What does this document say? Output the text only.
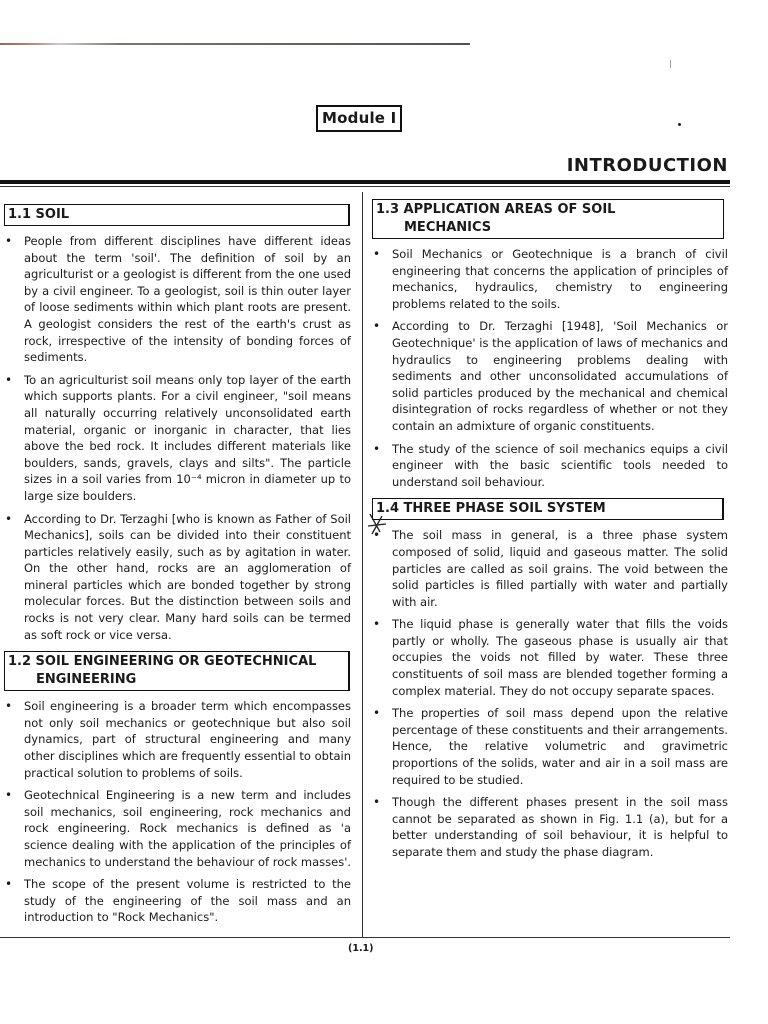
Module I
INTRODUCTION
1.1 SOIL
• People from different disciplines have different ideas about the term 'soil'. The definition of soil by an agriculturist or a geologist is different from the one used by a civil engineer. To a geologist, soil is thin outer layer of loose sediments within which plant roots are present. A geologist considers the rest of the earth's crust as rock, irrespective of the intensity of bonding forces of sediments.
• To an agriculturist soil means only top layer of the earth which supports plants. For a civil engineer, "soil means all naturally occurring relatively unconsolidated earth material, organic or inorganic in character, that lies above the bed rock. It includes different materials like boulders, sands, gravels, clays and silts". The particle sizes in a soil varies from 10⁻⁴ micron in diameter up to large size boulders.
• According to Dr. Terzaghi [who is known as Father of Soil Mechanics], soils can be divided into their constituent particles relatively easily, such as by agitation in water. On the other hand, rocks are an agglomeration of mineral particles which are bonded together by strong molecular forces. But the distinction between soils and rocks is not very clear. Many hard soils can be termed as soft rock or vice versa.
1.2 SOIL ENGINEERING OR GEOTECHNICAL
ENGINEERING
• Soil engineering is a broader term which encompasses not only soil mechanics or geotechnique but also soil dynamics, part of structural engineering and many other disciplines which are frequently essential to obtain practical solution to problems of soils.
• Geotechnical Engineering is a new term and includes soil mechanics, soil engineering, rock mechanics and rock engineering. Rock mechanics is defined as 'a science dealing with the application of the principles of mechanics to understand the behaviour of rock masses'.
• The scope of the present volume is restricted to the study of the engineering of the soil mass and an introduction to "Rock Mechanics".
1.3 APPLICATION AREAS OF SOIL
MECHANICS
• Soil Mechanics or Geotechnique is a branch of civil engineering that concerns the application of principles of mechanics, hydraulics, chemistry to engineering problems related to the soils.
• According to Dr. Terzaghi [1948], 'Soil Mechanics or Geotechnique' is the application of laws of mechanics and hydraulics to engineering problems dealing with sediments and other unconsolidated accumulations of solid particles produced by the mechanical and chemical disintegration of rocks regardless of whether or not they contain an admixture of organic constituents.
• The study of the science of soil mechanics equips a civil engineer with the basic scientific tools needed to understand soil behaviour.
1.4 THREE PHASE SOIL SYSTEM
• The soil mass in general, is a three phase system composed of solid, liquid and gaseous matter. The solid particles are called as soil grains. The void between the solid particles is filled partially with water and partially with air.
• The liquid phase is generally water that fills the voids partly or wholly. The gaseous phase is usually air that occupies the voids not filled by water. These three constituents of soil mass are blended together forming a complex material. They do not occupy separate spaces.
• The properties of soil mass depend upon the relative percentage of these constituents and their arrangements. Hence, the relative volumetric and gravimetric proportions of the solids, water and air in a soil mass are required to be studied.
• Though the different phases present in the soil mass cannot be separated as shown in Fig. 1.1 (a), but for a better understanding of soil behaviour, it is helpful to separate them and study the phase diagram.
(1.1)
